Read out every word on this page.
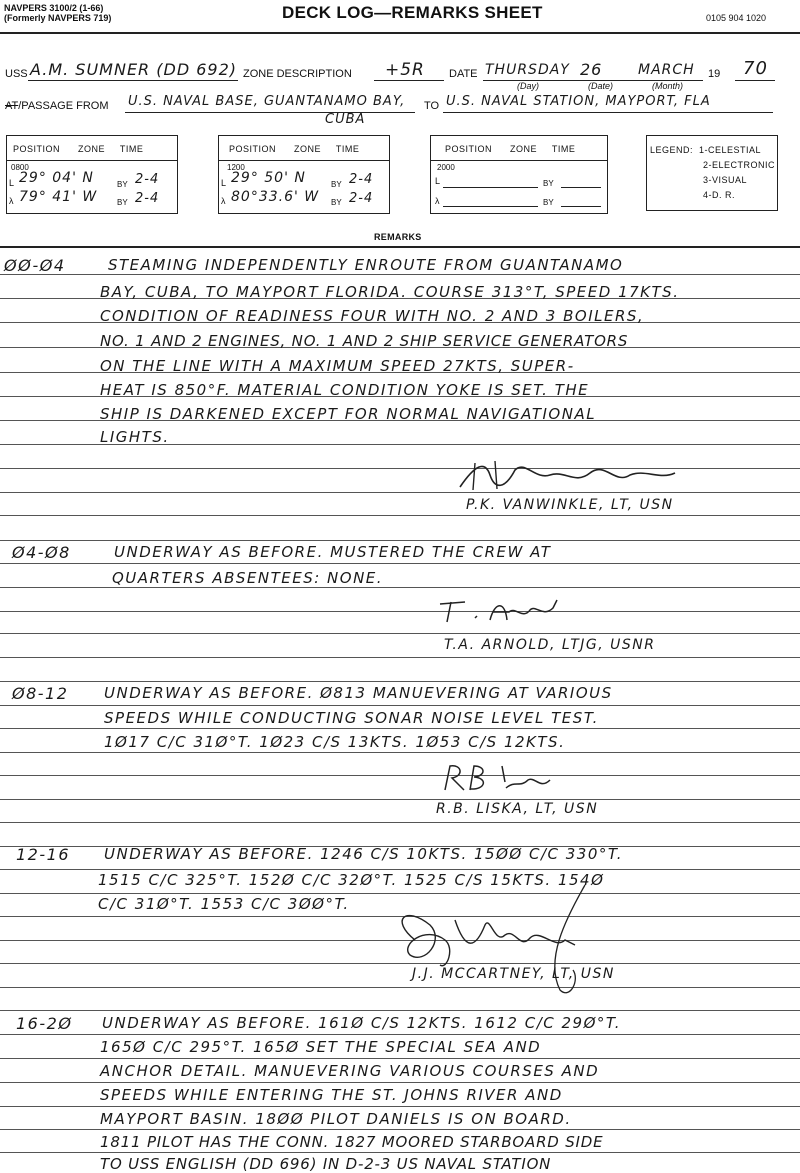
NAVPERS 3100/2 (1-66)
(Formerly NAVPERS 719)	DECK LOG—REMARKS SHEET	0105 904 1020
USS A.M. SUMNER (DD 692) ZONE DESCRIPTION +5R DATE THURSDAY 26	MARCH 19 70
(Day)	(Date)	(Month)
AT/PASSAGE FROM U.S. NAVAL BASE, GUANTANAMO BAY,
CUBA
TO U.S. NAVAL STATION, MAYPORT, FLA
POSITION      ZONE     TIME
0800
L 29° 04' N	BY 2-4
λ 79° 41' W BY 2-4
POSITION      ZONE     TIME
1200
L 29° 50' N	BY 2-4
λ 80°33.6' W BY 2-4
POSITION      ZONE     TIME
2000
L	BY
λ	BY
LEGEND: 1-CELESTIAL
2-ELECTRONIC
3-VISUAL
4-D. R.
REMARKS
ØØ-Ø4	STEAMING INDEPENDENTLY ENROUTE FROM GUANTANAMO
BAY, CUBA, TO MAYPORT FLORIDA. COURSE 313°T, SPEED 17KTS.
CONDITION OF READINESS FOUR WITH NO. 2 AND 3 BOILERS,
NO. 1 AND 2 ENGINES, NO. 1 AND 2 SHIP SERVICE GENERATORS
ON THE LINE WITH A MAXIMUM SPEED 27KTS, SUPER-
HEAT IS 850°F. MATERIAL CONDITION YOKE IS SET. THE
SHIP IS DARKENED EXCEPT FOR NORMAL NAVIGATIONAL
LIGHTS.
P.K. VANWINKLE, LT, USN
Ø4-Ø8	UNDERWAY AS BEFORE. MUSTERED THE CREW AT
QUARTERS ABSENTEES: NONE.
T.A. ARNOLD, LTJG, USNR
Ø8-12 UNDERWAY AS BEFORE. Ø813 MANUEVERING AT VARIOUS
SPEEDS WHILE CONDUCTING SONAR NOISE LEVEL TEST.
1Ø17 C/C 31Ø°T. 1Ø23 C/S 13KTS. 1Ø53 C/S 12KTS.
R.B. LISKA, LT, USN
12-16 UNDERWAY AS BEFORE. 1246 C/S 10KTS. 15ØØ C/C 330°T.
1515 C/C 325°T. 152Ø C/C 32Ø°T. 1525 C/S 15KTS. 154Ø
C/C 31Ø°T. 1553 C/C 3ØØ°T.
J.J. MCCARTNEY, LT, USN
16-2Ø UNDERWAY AS BEFORE. 161Ø C/S 12KTS. 1612 C/C 29Ø°T.
165Ø C/C 295°T. 165Ø SET THE SPECIAL SEA AND
ANCHOR DETAIL. MANUEVERING VARIOUS COURSES AND
SPEEDS WHILE ENTERING THE ST. JOHNS RIVER AND
MAYPORT BASIN. 18ØØ PILOT DANIELS IS ON BOARD.
1811 PILOT HAS THE CONN. 1827 MOORED STARBOARD SIDE
TO USS ENGLISH (DD 696) IN D-2-3 US NAVAL STATION
